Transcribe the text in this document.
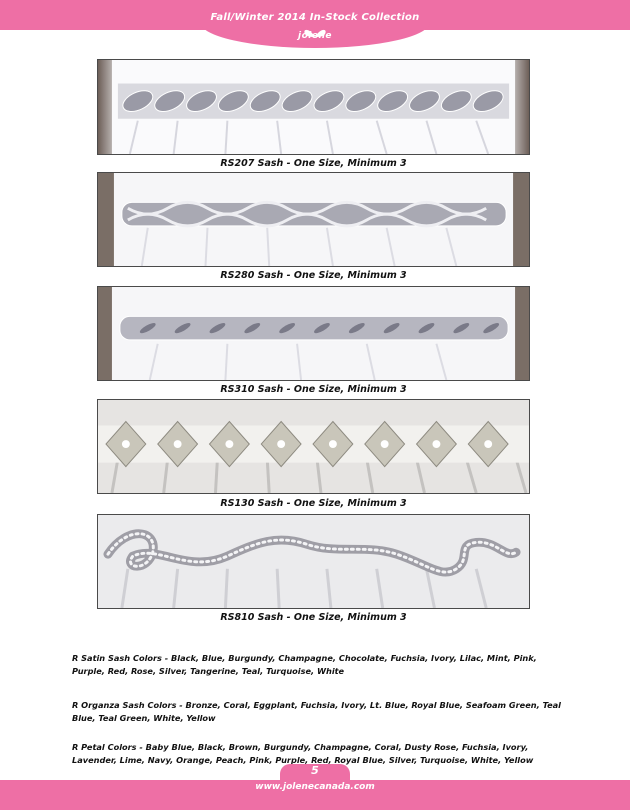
Fall/Winter 2014 In-Stock Collection
jolene
RS207 Sash - One Size, Minimum 3
RS280 Sash - One Size, Minimum 3
RS310 Sash - One Size, Minimum 3
RS130 Sash - One Size, Minimum 3
RS810 Sash - One Size, Minimum 3
R Satin Sash Colors - Black, Blue, Burgundy, Champagne, Chocolate, Fuchsia, Ivory, Lilac, Mint, Pink, Purple, Red, Rose, Silver, Tangerine, Teal, Turquoise, White
R Organza Sash Colors - Bronze, Coral, Eggplant, Fuchsia, Ivory, Lt. Blue, Royal Blue, Seafoam Green, Teal Blue, Teal Green, White, Yellow
R Petal Colors - Baby Blue, Black, Brown, Burgundy, Champagne, Coral, Dusty Rose, Fuchsia, Ivory, Lavender, Lime, Navy, Orange, Peach, Pink, Purple, Red, Royal Blue, Silver, Turquoise, White, Yellow
5
www.jolenecanada.com
